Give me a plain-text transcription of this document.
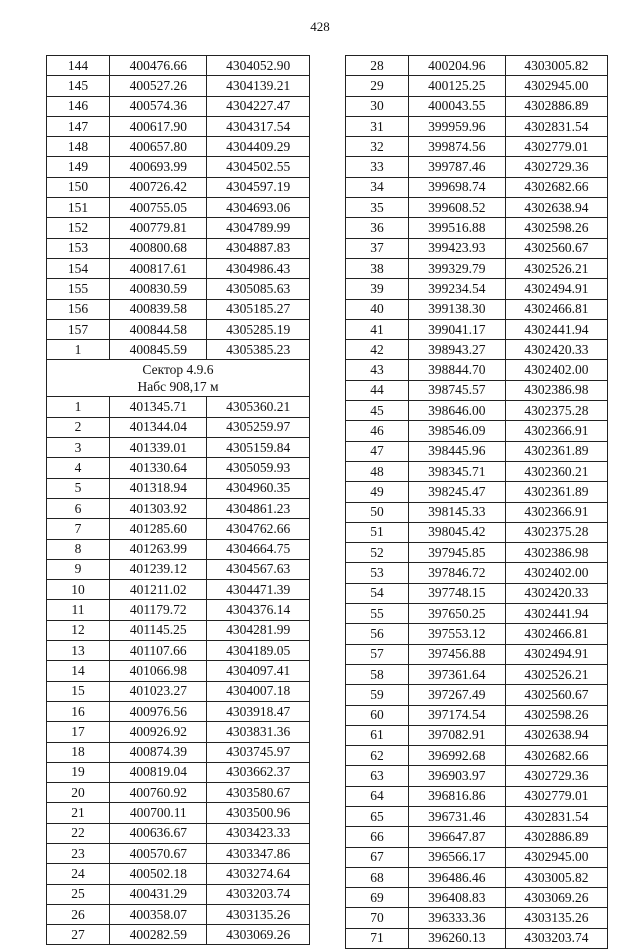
428
144	400476.66	4304052.90
145	400527.26	4304139.21
146	400574.36	4304227.47
147	400617.90	4304317.54
148	400657.80	4304409.29
149	400693.99	4304502.55
150	400726.42	4304597.19
151	400755.05	4304693.06
152	400779.81	4304789.99
153	400800.68	4304887.83
154	400817.61	4304986.43
155	400830.59	4305085.63
156	400839.58	4305185.27
157	400844.58	4305285.19
1	400845.59	4305385.23

Сектор 4.9.6
Набс 908,17 м		

1	401345.71	4305360.21
2	401344.04	4305259.97
3	401339.01	4305159.84
4	401330.64	4305059.93
5	401318.94	4304960.35
6	401303.92	4304861.23
7	401285.60	4304762.66
8	401263.99	4304664.75
9	401239.12	4304567.63
10	401211.02	4304471.39
11	401179.72	4304376.14
12	401145.25	4304281.99
13	401107.66	4304189.05
14	401066.98	4304097.41
15	401023.27	4304007.18
16	400976.56	4303918.47
17	400926.92	4303831.36
18	400874.39	4303745.97
19	400819.04	4303662.37
20	400760.92	4303580.67
21	400700.11	4303500.96
22	400636.67	4303423.33
23	400570.67	4303347.86
24	400502.18	4303274.64
25	400431.29	4303203.74
26	400358.07	4303135.26
27	400282.59	4303069.26
28	400204.96	4303005.82
29	400125.25	4302945.00
30	400043.55	4302886.89
31	399959.96	4302831.54
32	399874.56	4302779.01
33	399787.46	4302729.36
34	399698.74	4302682.66
35	399608.52	4302638.94
36	399516.88	4302598.26
37	399423.93	4302560.67
38	399329.79	4302526.21
39	399234.54	4302494.91
40	399138.30	4302466.81
41	399041.17	4302441.94
42	398943.27	4302420.33
43	398844.70	4302402.00
44	398745.57	4302386.98
45	398646.00	4302375.28
46	398546.09	4302366.91
47	398445.96	4302361.89
48	398345.71	4302360.21
49	398245.47	4302361.89
50	398145.33	4302366.91
51	398045.42	4302375.28
52	397945.85	4302386.98
53	397846.72	4302402.00
54	397748.15	4302420.33
55	397650.25	4302441.94
56	397553.12	4302466.81
57	397456.88	4302494.91
58	397361.64	4302526.21
59	397267.49	4302560.67
60	397174.54	4302598.26
61	397082.91	4302638.94
62	396992.68	4302682.66
63	396903.97	4302729.36
64	396816.86	4302779.01
65	396731.46	4302831.54
66	396647.87	4302886.89
67	396566.17	4302945.00
68	396486.46	4303005.82
69	396408.83	4303069.26
70	396333.36	4303135.26
71	396260.13	4303203.74
